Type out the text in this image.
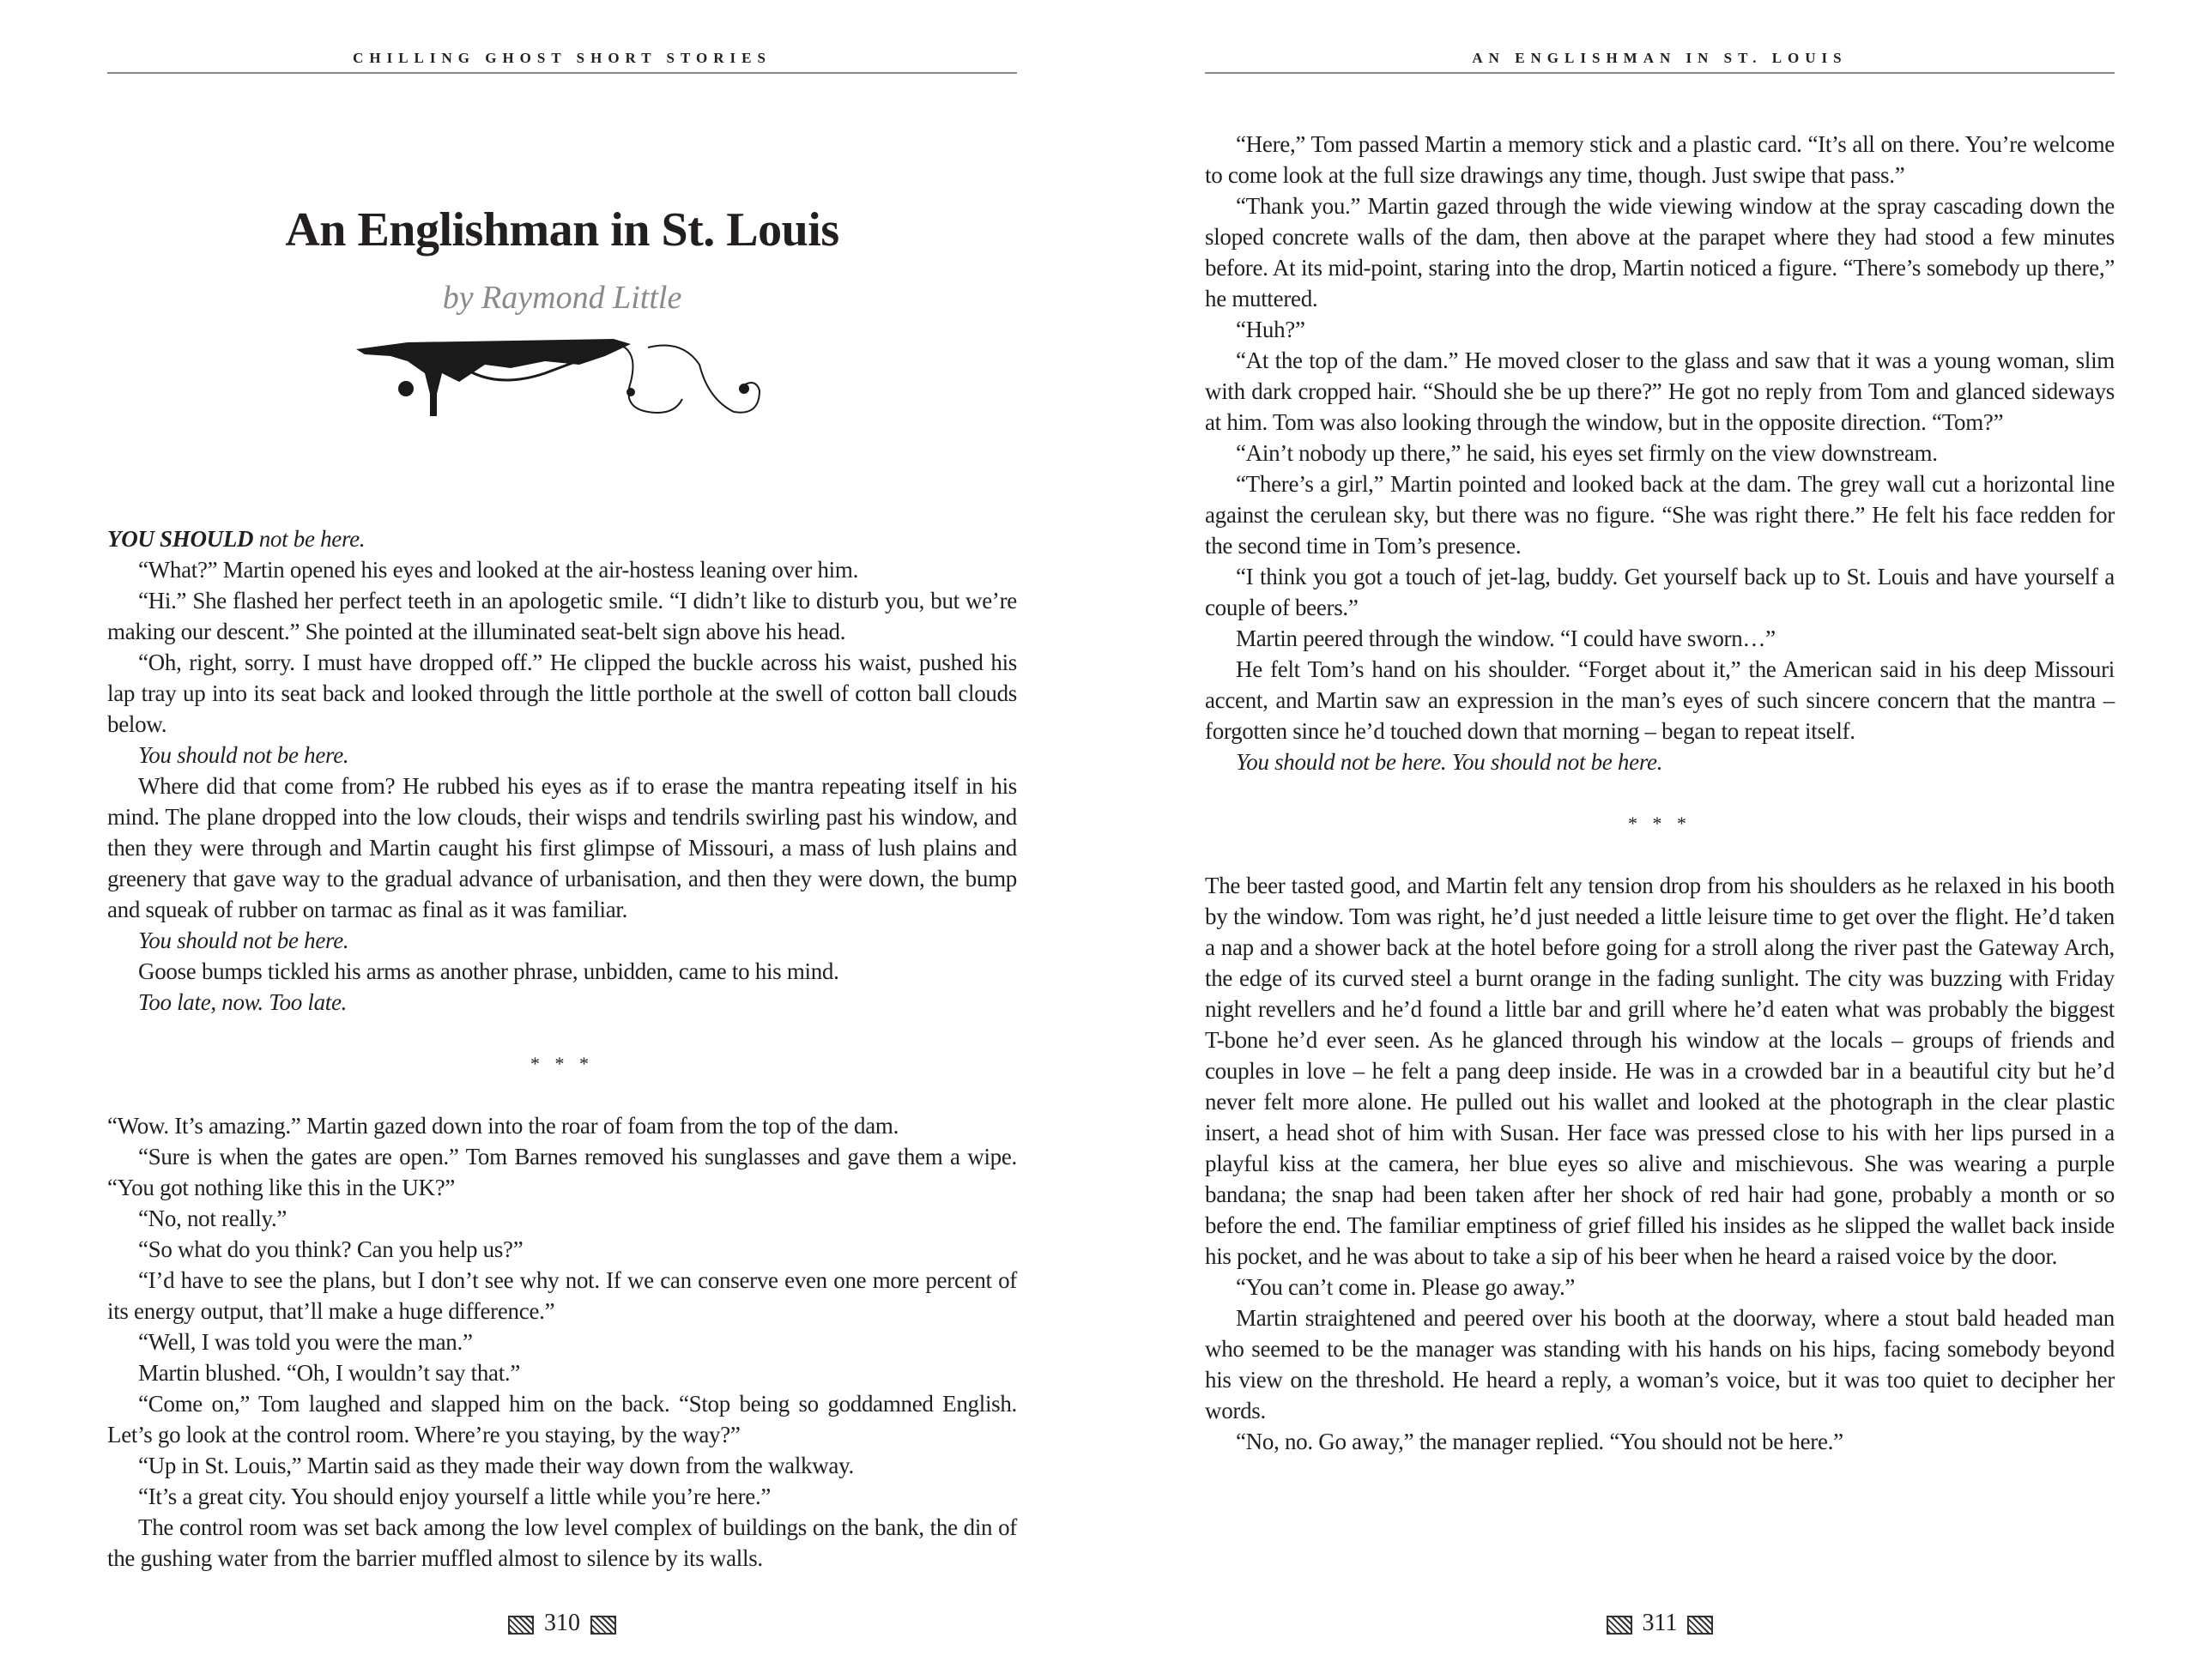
CHILLING GHOST SHORT STORIES
An Englishman in St. Louis
by Raymond Little

YOU SHOULD not be here.

“What?” Martin opened his eyes and looked at the air-hostess leaning over him.

“Hi.” She flashed her perfect teeth in an apologetic smile. “I didn’t like to disturb you, but we’re making our descent.” She pointed at the illuminated seat-belt sign above his head.

“Oh, right, sorry. I must have dropped off.” He clipped the buckle across his waist, pushed his lap tray up into its seat back and looked through the little porthole at the swell of cotton ball clouds below.

You should not be here.

Where did that come from? He rubbed his eyes as if to erase the mantra repeating itself in his mind. The plane dropped into the low clouds, their wisps and tendrils swirling past his window, and then they were through and Martin caught his first glimpse of Missouri, a mass of lush plains and greenery that gave way to the gradual advance of urbanisation, and then they were down, the bump and squeak of rubber on tarmac as final as it was familiar.

You should not be here.

Goose bumps tickled his arms as another phrase, unbidden, came to his mind.

Too late, now. Too late.

* * *

“Wow. It’s amazing.” Martin gazed down into the roar of foam from the top of the dam.

“Sure is when the gates are open.” Tom Barnes removed his sunglasses and gave them a wipe. “You got nothing like this in the UK?”

“No, not really.”

“So what do you think? Can you help us?”

“I’d have to see the plans, but I don’t see why not. If we can conserve even one more percent of its energy output, that’ll make a huge difference.”

“Well, I was told you were the man.”

Martin blushed. “Oh, I wouldn’t say that.”

“Come on,” Tom laughed and slapped him on the back. “Stop being so goddamned English. Let’s go look at the control room. Where’re you staying, by the way?”

“Up in St. Louis,” Martin said as they made their way down from the walkway.

“It’s a great city. You should enjoy yourself a little while you’re here.”

The control room was set back among the low level complex of buildings on the bank, the din of the gushing water from the barrier muffled almost to silence by its walls.

310
AN ENGLISHMAN IN ST. LOUIS

“Here,” Tom passed Martin a memory stick and a plastic card. “It’s all on there. You’re welcome to come look at the full size drawings any time, though. Just swipe that pass.”

“Thank you.” Martin gazed through the wide viewing window at the spray cascading down the sloped concrete walls of the dam, then above at the parapet where they had stood a few minutes before. At its mid-point, staring into the drop, Martin noticed a figure. “There’s somebody up there,” he muttered.

“Huh?”

“At the top of the dam.” He moved closer to the glass and saw that it was a young woman, slim with dark cropped hair. “Should she be up there?” He got no reply from Tom and glanced sideways at him. Tom was also looking through the window, but in the opposite direction. “Tom?”

“Ain’t nobody up there,” he said, his eyes set firmly on the view downstream.

“There’s a girl,” Martin pointed and looked back at the dam. The grey wall cut a horizontal line against the cerulean sky, but there was no figure. “She was right there.” He felt his face redden for the second time in Tom’s presence.

“I think you got a touch of jet-lag, buddy. Get yourself back up to St. Louis and have yourself a couple of beers.”

Martin peered through the window. “I could have sworn…”

He felt Tom’s hand on his shoulder. “Forget about it,” the American said in his deep Missouri accent, and Martin saw an expression in the man’s eyes of such sincere concern that the mantra – forgotten since he’d touched down that morning – began to repeat itself.

You should not be here. You should not be here.

* * *

The beer tasted good, and Martin felt any tension drop from his shoulders as he relaxed in his booth by the window. Tom was right, he’d just needed a little leisure time to get over the flight. He’d taken a nap and a shower back at the hotel before going for a stroll along the river past the Gateway Arch, the edge of its curved steel a burnt orange in the fading sunlight. The city was buzzing with Friday night revellers and he’d found a little bar and grill where he’d eaten what was probably the biggest T-bone he’d ever seen. As he glanced through his window at the locals – groups of friends and couples in love – he felt a pang deep inside. He was in a crowded bar in a beautiful city but he’d never felt more alone. He pulled out his wallet and looked at the photograph in the clear plastic insert, a head shot of him with Susan. Her face was pressed close to his with her lips pursed in a playful kiss at the camera, her blue eyes so alive and mischievous. She was wearing a purple bandana; the snap had been taken after her shock of red hair had gone, probably a month or so before the end. The familiar emptiness of grief filled his insides as he slipped the wallet back inside his pocket, and he was about to take a sip of his beer when he heard a raised voice by the door.

“You can’t come in. Please go away.”

Martin straightened and peered over his booth at the doorway, where a stout bald headed man who seemed to be the manager was standing with his hands on his hips, facing somebody beyond his view on the threshold. He heard a reply, a woman’s voice, but it was too quiet to decipher her words.

“No, no. Go away,” the manager replied. “You should not be here.”

311
